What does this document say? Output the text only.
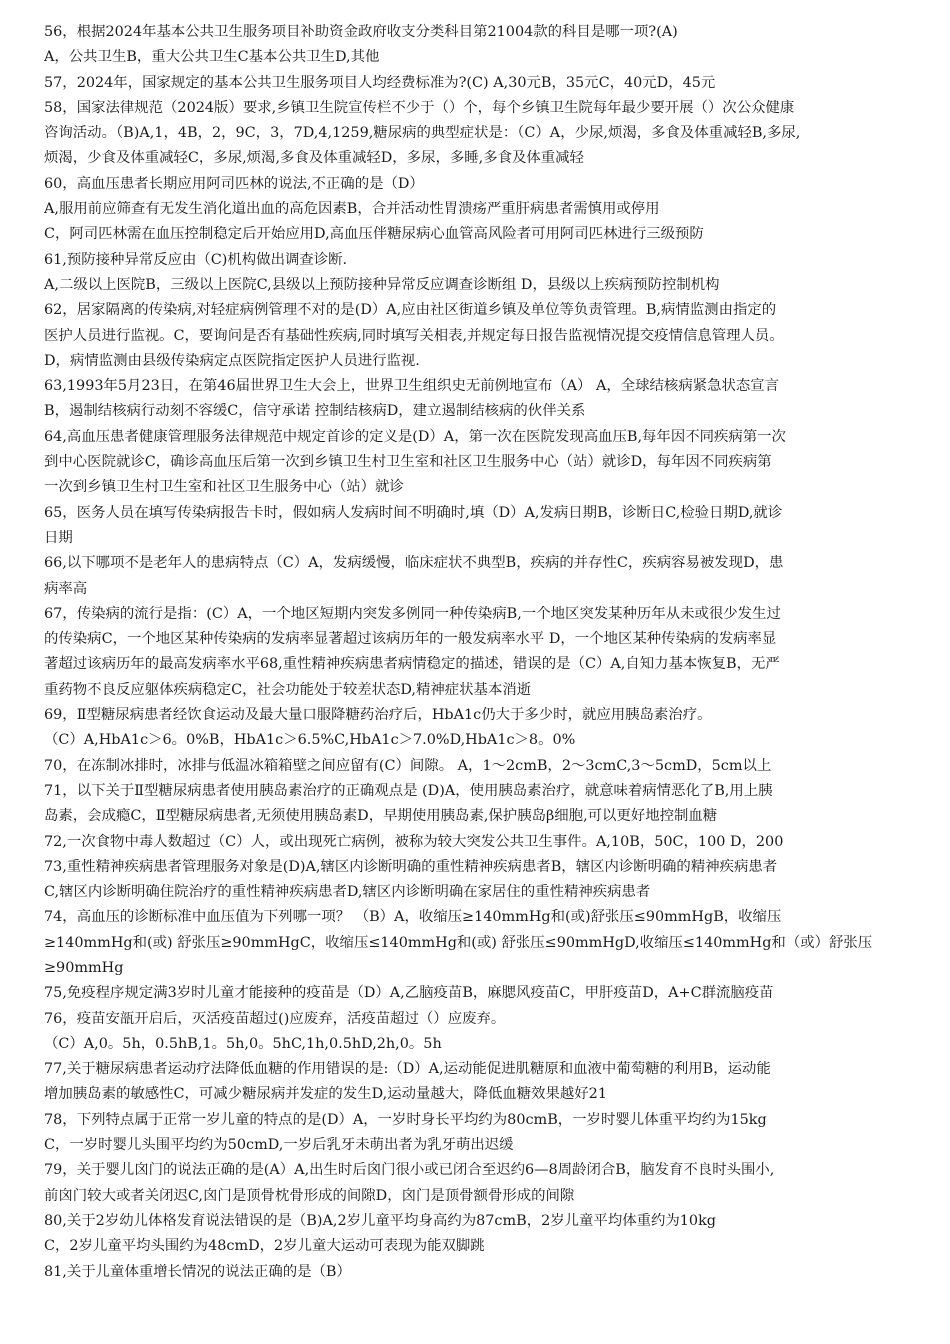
56，根据2024年基本公共卫生服务项目补助资金政府收支分类科目第21004款的科目是哪一项?(A)
A，公共卫生B，重大公共卫生C基本公共卫生D,其他
57，2024年，国家规定的基本公共卫生服务项目人均经费标准为?(C) A,30元B，35元C，40元D，45元
58，国家法律规范（2024版）要求,乡镇卫生院宣传栏不少于（）个，每个乡镇卫生院每年最少要开展（）次公众健康
咨询活动。（B)A,1，4B，2，9C，3，7D,4,1259,糖尿病的典型症状是：（C）A，少尿,烦渴，多食及体重减轻B,多尿,
烦渴，少食及体重减轻C，多尿,烦渴,多食及体重减轻D，多尿，多睡,多食及体重减轻
60，高血压患者长期应用阿司匹林的说法,不正确的是（D）
A,服用前应筛查有无发生消化道出血的高危因素B，合并活动性胃溃疡严重肝病患者需慎用或停用
C，阿司匹林需在血压控制稳定后开始应用D,高血压伴糖尿病心血管高风险者可用阿司匹林进行三级预防
61,预防接种异常反应由（C)机构做出调查诊断.
A,二级以上医院B，三级以上医院C,县级以上预防接种异常反应调查诊断组 D，县级以上疾病预防控制机构
62，居家隔离的传染病,对轻症病例管理不对的是(D）A,应由社区街道乡镇及单位等负责管理。B,病情监测由指定的
医护人员进行监视。C，要询问是否有基础性疾病,同时填写关相表,并规定每日报告监视情况提交疫情信息管理人员。
D，病情监测由县级传染病定点医院指定医护人员进行监视.
63,1993年5月23日，在第46届世界卫生大会上，世界卫生组织史无前例地宣布（A） A，全球结核病紧急状态宣言
B，遏制结核病行动刻不容缓C，信守承诺 控制结核病D，建立遏制结核病的伙伴关系
64,高血压患者健康管理服务法律规范中规定首诊的定义是(D）A，第一次在医院发现高血压B,每年因不同疾病第一次
到中心医院就诊C，确诊高血压后第一次到乡镇卫生村卫生室和社区卫生服务中心（站）就诊D，每年因不同疾病第
一次到乡镇卫生村卫生室和社区卫生服务中心（站）就诊
65，医务人员在填写传染病报告卡时，假如病人发病时间不明确时,填（D）A,发病日期B，诊断日C,检验日期D,就诊
日期
66,以下哪项不是老年人的患病特点（C）A，发病缓慢，临床症状不典型B，疾病的并存性C，疾病容易被发现D，患
病率高
67，传染病的流行是指：(C）A，一个地区短期内突发多例同一种传染病B,一个地区突发某种历年从未或很少发生过
的传染病C，一个地区某种传染病的发病率显著超过该病历年的一般发病率水平 D，一个地区某种传染病的发病率显
著超过该病历年的最高发病率水平68,重性精神疾病患者病情稳定的描述，错误的是（C）A,自知力基本恢复B，无严
重药物不良反应躯体疾病稳定C，社会功能处于较差状态D,精神症状基本消逝
69，Ⅱ型糖尿病患者经饮食运动及最大量口服降糖药治疗后，HbA1c仍大于多少时，就应用胰岛素治疗。
（C）A,HbA1c＞6。0%B，HbA1c＞6.5%C,HbA1c＞7.0%D,HbA1c＞8。0%
70，在冻制冰排时，冰排与低温冰箱箱壁之间应留有(C）间隙。 A，1～2cmB，2～3cmC,3～5cmD，5cm以上
71，以下关于Ⅱ型糖尿病患者使用胰岛素治疗的正确观点是 (D)A，使用胰岛素治疗，就意味着病情恶化了B,用上胰
岛素，会成瘾C，Ⅱ型糖尿病患者,无须使用胰岛素D，早期使用胰岛素,保护胰岛β细胞,可以更好地控制血糖
72,一次食物中毒人数超过（C）人，或出现死亡病例，被称为较大突发公共卫生事件。A,10B，50C，100 D，200
73,重性精神疾病患者管理服务对象是(D)A,辖区内诊断明确的重性精神疾病患者B，辖区内诊断明确的精神疾病患者
C,辖区内诊断明确住院治疗的重性精神疾病患者D,辖区内诊断明确在家居住的重性精神疾病患者
74，高血压的诊断标准中血压值为下列哪一项？ （B）A，收缩压≥140mmHg和(或)舒张压≤90mmHgB，收缩压
≥140mmHg和(或) 舒张压≥90mmHgC，收缩压≤140mmHg和(或) 舒张压≤90mmHgD,收缩压≤140mmHg和（或）舒张压
≥90mmHg
75,免疫程序规定满3岁时儿童才能接种的疫苗是（D）A,乙脑疫苗B，麻腮风疫苗C，甲肝疫苗D，A+C群流脑疫苗
76，疫苗安瓿开启后，灭活疫苗超过()应废弃，活疫苗超过（）应废弃。
（C）A,0。5h，0.5hB,1。5h,0。5hC,1h,0.5hD,2h,0。5h
77,关于糖尿病患者运动疗法降低血糖的作用错误的是:（D）A,运动能促进肌糖原和血液中葡萄糖的利用B，运动能
增加胰岛素的敏感性C，可减少糖尿病并发症的发生D,运动量越大，降低血糖效果越好21
78，下列特点属于正常一岁儿童的特点的是(D）A，一岁时身长平均约为80cmB，一岁时婴儿体重平均约为15kg
C，一岁时婴儿头围平均约为50cmD,一岁后乳牙未萌出者为乳牙萌出迟缓
79，关于婴儿囟门的说法正确的是(A）A,出生时后囟门很小或已闭合至迟约6—8周龄闭合B，脑发育不良时头围小,
前囟门较大或者关闭迟C,囟门是顶骨枕骨形成的间隙D，囟门是顶骨额骨形成的间隙
80,关于2岁幼儿体格发育说法错误的是（B)A,2岁儿童平均身高约为87cmB，2岁儿童平均体重约为10kg
C，2岁儿童平均头围约为48cmD，2岁儿童大运动可表现为能双脚跳
81,关于儿童体重增长情况的说法正确的是（B）
